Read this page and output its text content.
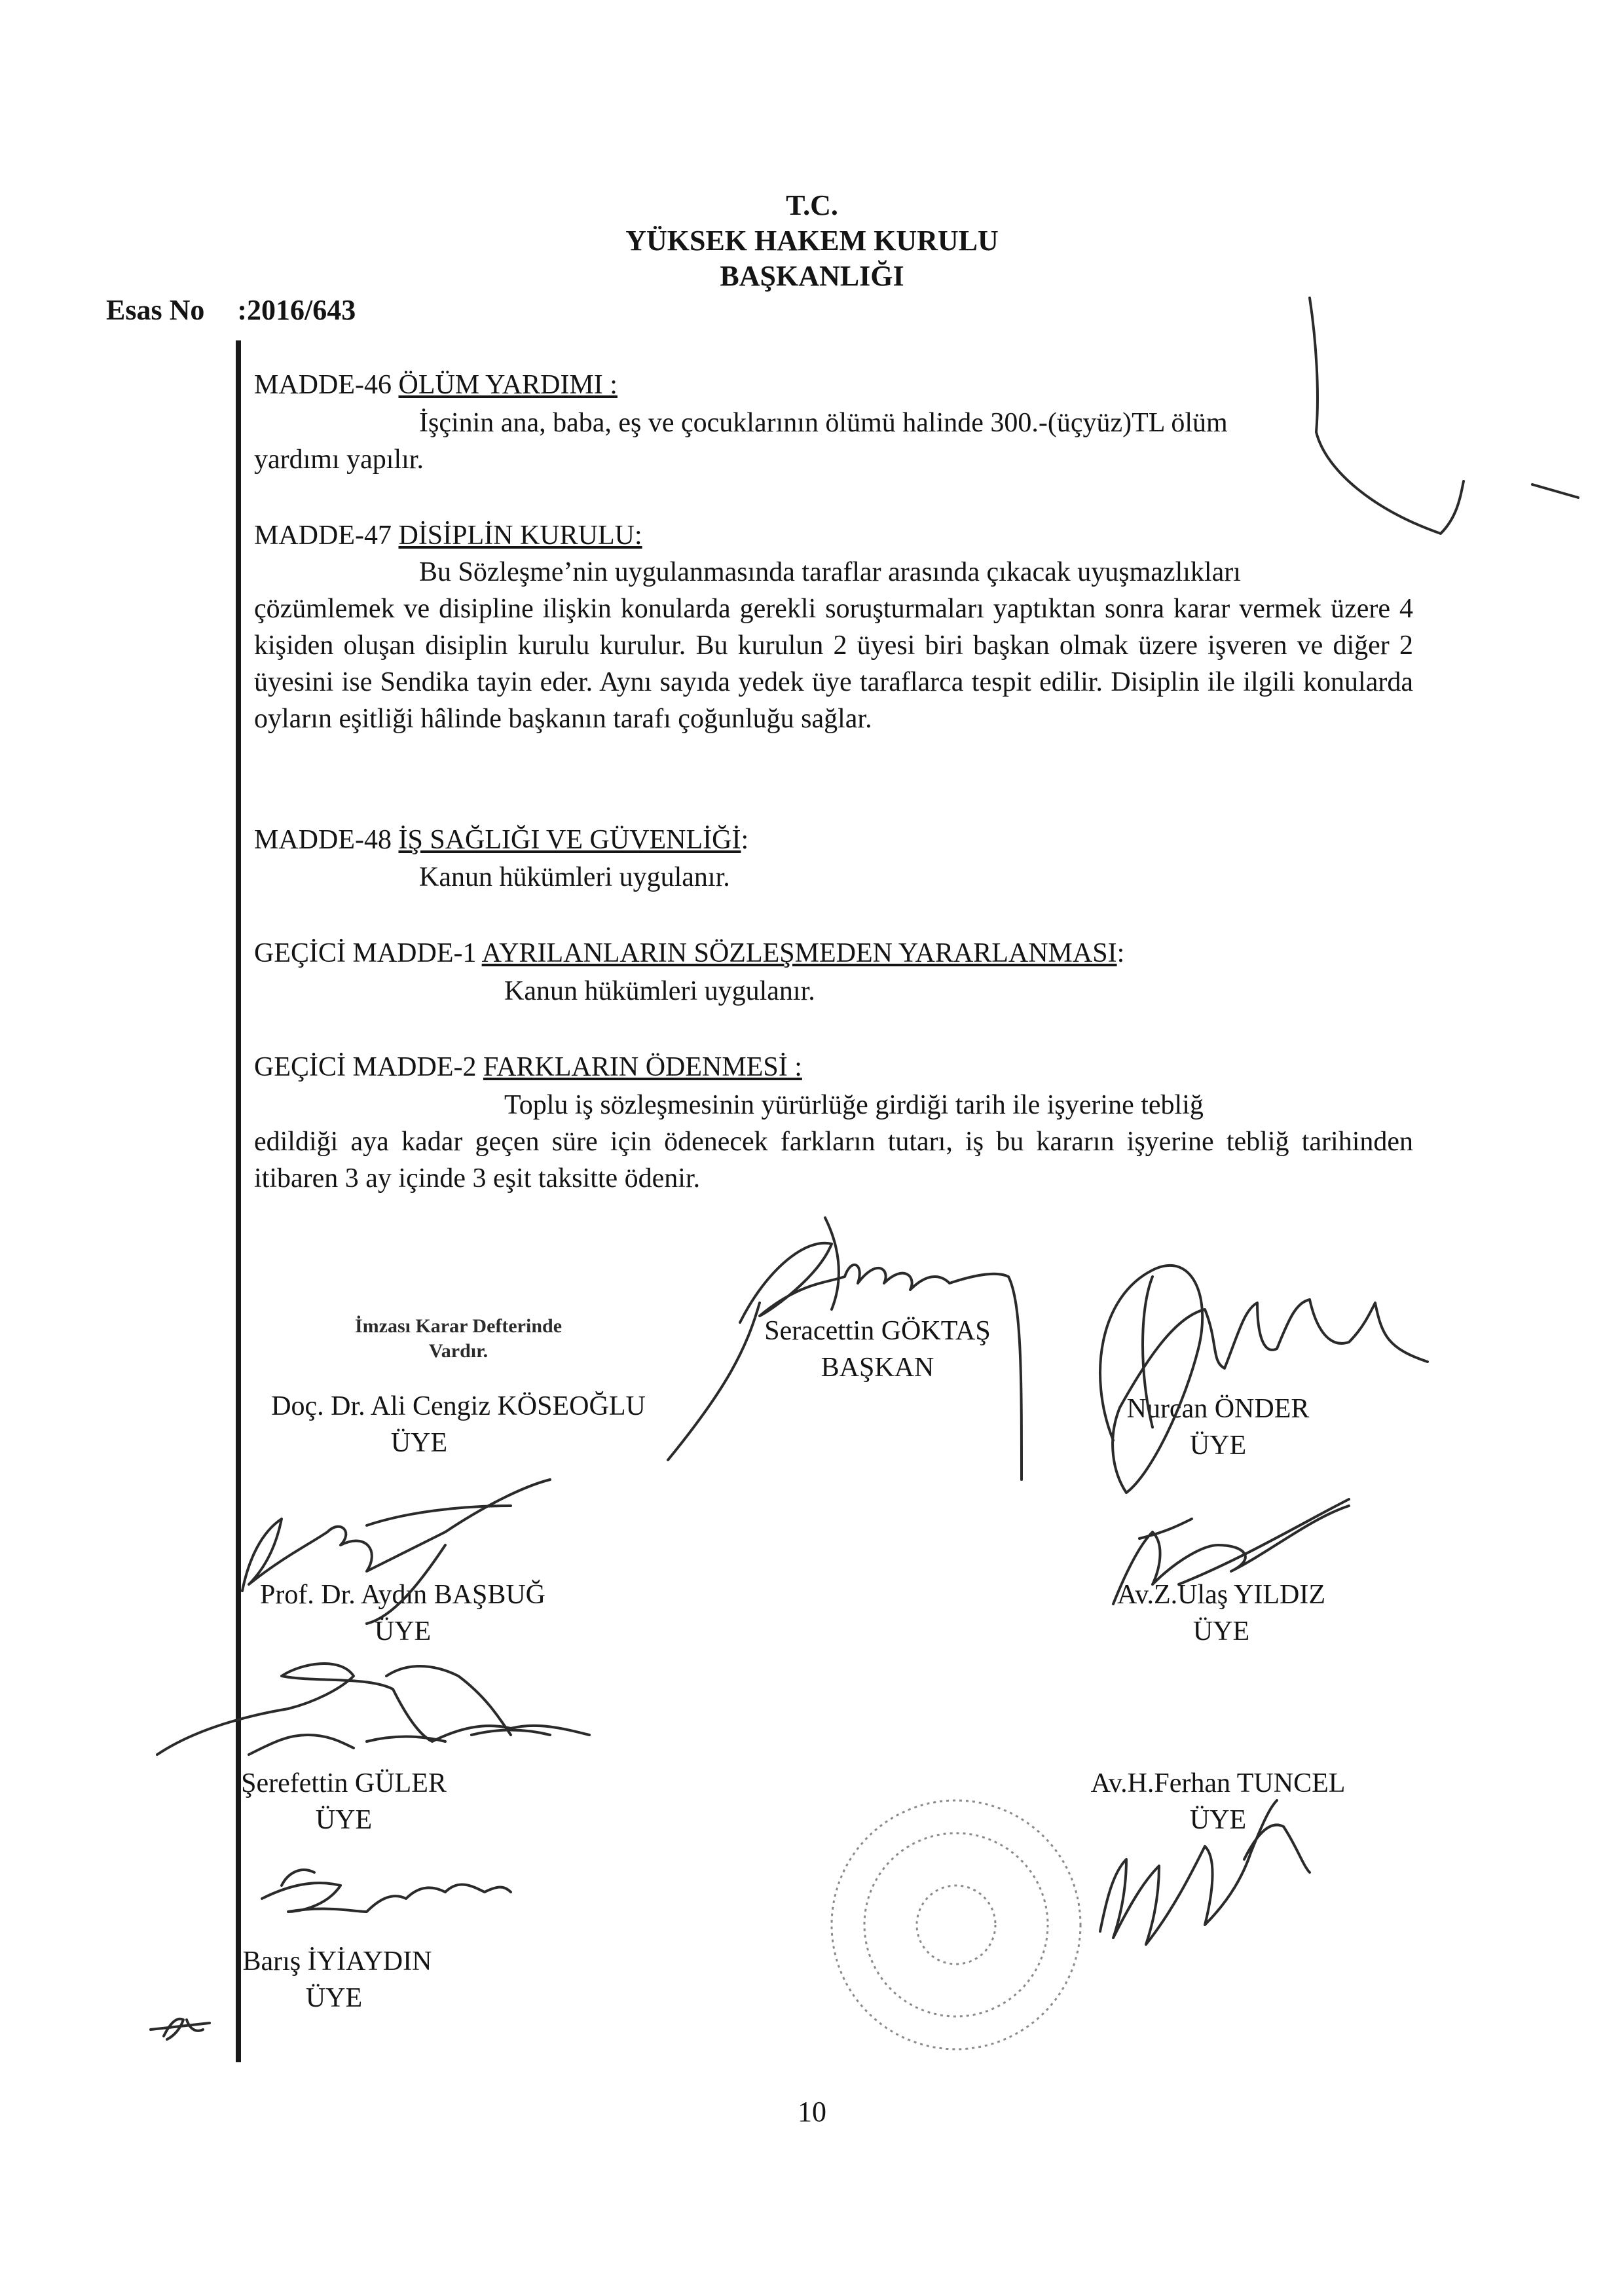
T.C.
YÜKSEK HAKEM KURULU
BAŞKANLIĞI
Esas No :2016/643
MADDE-46 ÖLÜM YARDIMI :
İşçinin ana, baba, eş ve çocuklarının ölümü halinde 300.-(üçyüz)TL ölüm
yardımı yapılır.
MADDE-47 DİSİPLİN KURULU:
Bu Sözleşme’nin uygulanmasında taraflar arasında çıkacak uyuşmazlıkları
çözümlemek ve disipline ilişkin konularda gerekli soruşturmaları yaptıktan sonra karar vermek üzere 4 kişiden oluşan disiplin kurulu kurulur. Bu kurulun 2 üyesi biri başkan olmak üzere işveren ve diğer 2 üyesini ise Sendika tayin eder. Aynı sayıda yedek üye taraflarca tespit edilir. Disiplin ile ilgili konularda oyların eşitliği hâlinde başkanın tarafı çoğunluğu sağlar.
MADDE-48 İŞ SAĞLIĞI VE GÜVENLİĞİ:
Kanun hükümleri uygulanır.
GEÇİCİ MADDE-1 AYRILANLARIN SÖZLEŞMEDEN YARARLANMASI:
Kanun hükümleri uygulanır.
GEÇİCİ MADDE-2 FARKLARIN ÖDENMESİ :
Toplu iş sözleşmesinin yürürlüğe girdiği tarih ile işyerine tebliğ
edildiği aya kadar geçen süre için ödenecek farkların tutarı, iş bu kararın işyerine tebliğ tarihinden itibaren 3 ay içinde 3 eşit taksitte ödenir.
İmzası Karar Defterinde
Vardır.
Doç. Dr. Ali Cengiz KÖSEOĞLU
ÜYE
Seracettin GÖKTAŞ
BAŞKAN
Nurcan ÖNDER
ÜYE
Prof. Dr. Aydın BAŞBUĞ
ÜYE
Av.Z.Ulaş YILDIZ
ÜYE
Şerefettin GÜLER
ÜYE
Av.H.Ferhan TUNCEL
ÜYE
Barış İYİAYDIN
ÜYE
10
